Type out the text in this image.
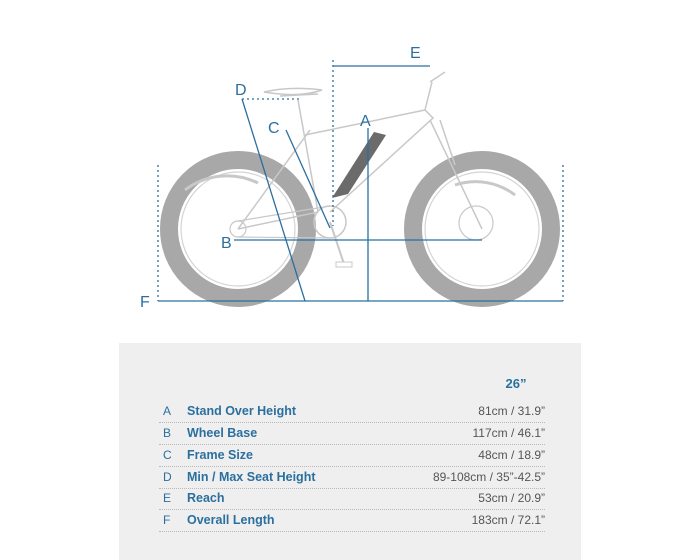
D
E
A
C
B
F
26”
A Stand Over Height	81cm / 31.9”
B Wheel Base	117cm / 46.1”
C Frame Size	48cm / 18.9”
D Min / Max Seat Height	89-108cm / 35”-42.5”
E Reach	53cm / 20.9”
F Overall Length	183cm / 72.1”
